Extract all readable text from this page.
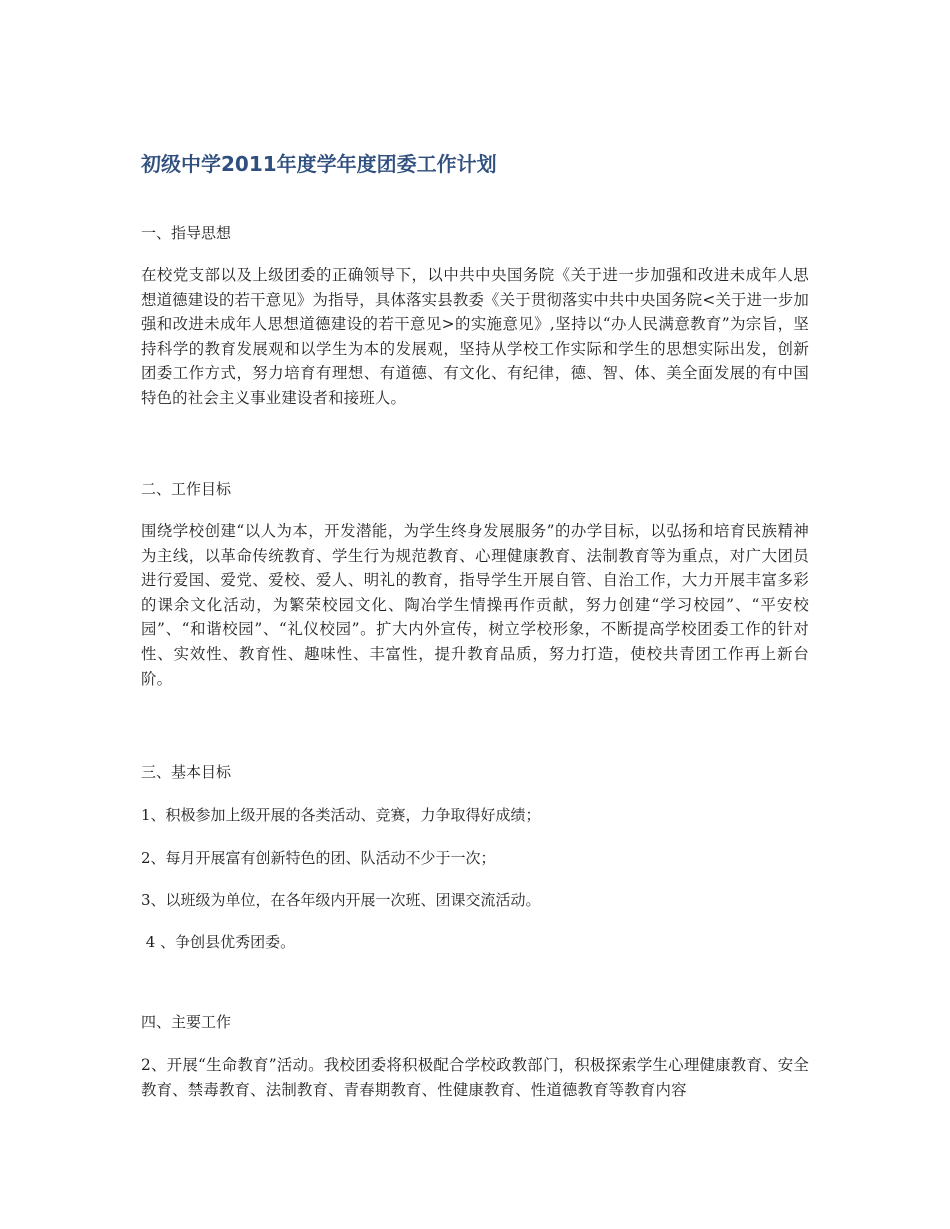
初级中学2011年度学年度团委工作计划

一、指导思想

在校党支部以及上级团委的正确领导下，以中共中央国务院《关于进一步加强和改进未成年人思想道德建设的若干意见》为指导，具体落实县教委《关于贯彻落实中共中央国务院<关于进一步加强和改进未成年人思想道德建设的若干意见>的实施意见》,坚持以“办人民满意教育”为宗旨，坚持科学的教育发展观和以学生为本的发展观，坚持从学校工作实际和学生的思想实际出发，创新团委工作方式，努力培育有理想、有道德、有文化、有纪律，德、智、体、美全面发展的有中国特色的社会主义事业建设者和接班人。

二、工作目标

围绕学校创建“以人为本，开发潜能，为学生终身发展服务”的办学目标，以弘扬和培育民族精神为主线，以革命传统教育、学生行为规范教育、心理健康教育、法制教育等为重点，对广大团员进行爱国、爱党、爱校、爱人、明礼的教育，指导学生开展自管、自治工作，大力开展丰富多彩的课余文化活动，为繁荣校园文化、陶冶学生情操再作贡献，努力创建“学习校园”、“平安校园”、“和谐校园”、“礼仪校园”。扩大内外宣传，树立学校形象，不断提高学校团委工作的针对性、实效性、教育性、趣味性、丰富性，提升教育品质，努力打造，使校共青团工作再上新台阶。

三、基本目标

1、积极参加上级开展的各类活动、竞赛，力争取得好成绩；

2、每月开展富有创新特色的团、队活动不少于一次；

3、以班级为单位，在各年级内开展一次班、团课交流活动。

4 、争创县优秀团委。

四、主要工作

2、开展“生命教育”活动。我校团委将积极配合学校政教部门，积极探索学生心理健康教育、安全教育、禁毒教育、法制教育、青春期教育、性健康教育、性道德教育等教育内容
